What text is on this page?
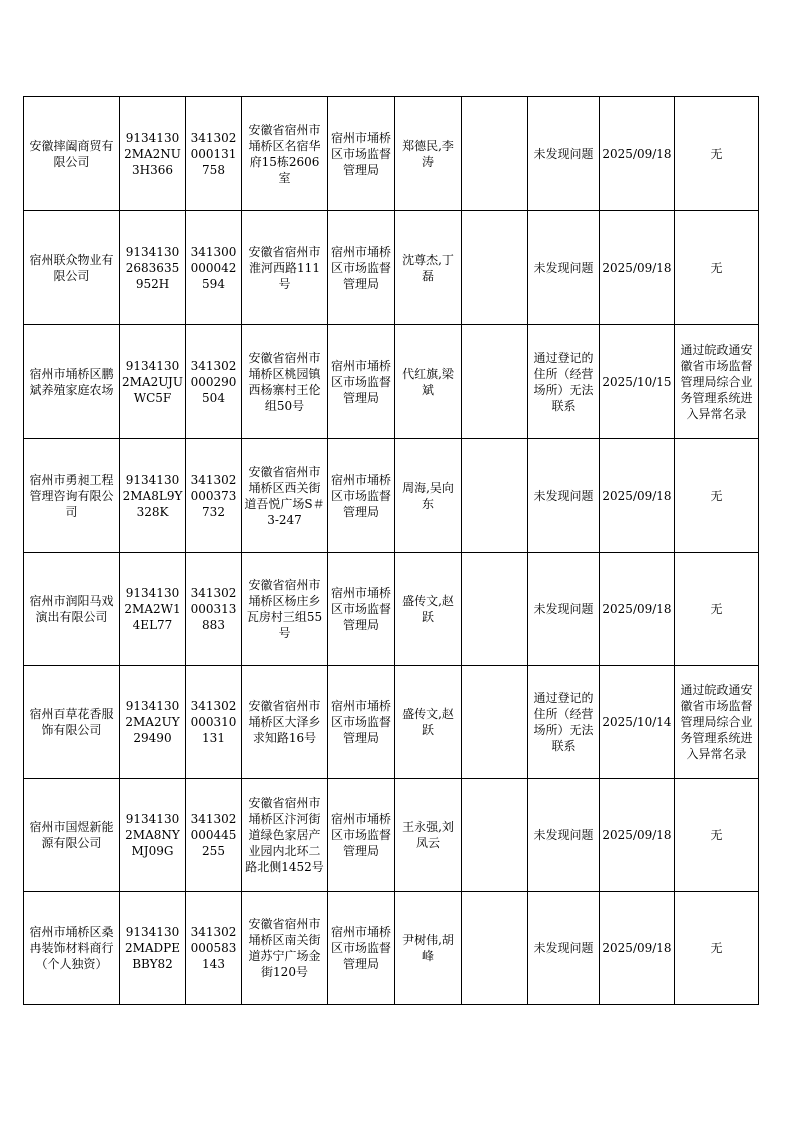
安徽摔阖商贸有限公司	91341302MA2NU3H366	341302000131758	安徽省宿州市埇桥区名宿华府15栋2606室	宿州市埇桥区市场监督管理局	郑德民,李涛		未发现问题	2025/09/18	无
宿州联众物业有限公司	91341302683635952H	341300000042594	安徽省宿州市淮河西路111号	宿州市埇桥区市场监督管理局	沈尊杰,丁磊		未发现问题	2025/09/18	无
宿州市埇桥区鹏斌养殖家庭农场	91341302MA2UJUWC5F	341302000290504	安徽省宿州市埇桥区桃园镇西杨寨村王伦组50号	宿州市埇桥区市场监督管理局	代红旗,梁斌		通过登记的住所（经营场所）无法联系	2025/10/15	通过皖政通安徽省市场监督管理局综合业务管理系统进入异常名录
宿州市勇昶工程管理咨询有限公司	91341302MA8L9Y328K	341302000373732	安徽省宿州市埇桥区西关街道吾悦广场S＃3-247	宿州市埇桥区市场监督管理局	周海,吴向东		未发现问题	2025/09/18	无
宿州市润阳马戏演出有限公司	91341302MA2W14EL77	341302000313883	安徽省宿州市埇桥区杨庄乡瓦房村三组55号	宿州市埇桥区市场监督管理局	盛传文,赵跃		未发现问题	2025/09/18	无
宿州百草花香服饰有限公司	91341302MA2UY29490	341302000310131	安徽省宿州市埇桥区大泽乡求知路16号	宿州市埇桥区市场监督管理局	盛传文,赵跃		通过登记的住所（经营场所）无法联系	2025/10/14	通过皖政通安徽省市场监督管理局综合业务管理系统进入异常名录
宿州市国煜新能源有限公司	91341302MA8NYMJ09G	341302000445255	安徽省宿州市埇桥区汴河街道绿色家居产业园内北环二路北侧1452号	宿州市埇桥区市场监督管理局	王永强,刘凤云		未发现问题	2025/09/18	无
宿州市埇桥区桑冉装饰材料商行（个人独资）	91341302MADPEBBY82	341302000583143	安徽省宿州市埇桥区南关街道苏宁广场金街120号	宿州市埇桥区市场监督管理局	尹树伟,胡峰		未发现问题	2025/09/18	无
